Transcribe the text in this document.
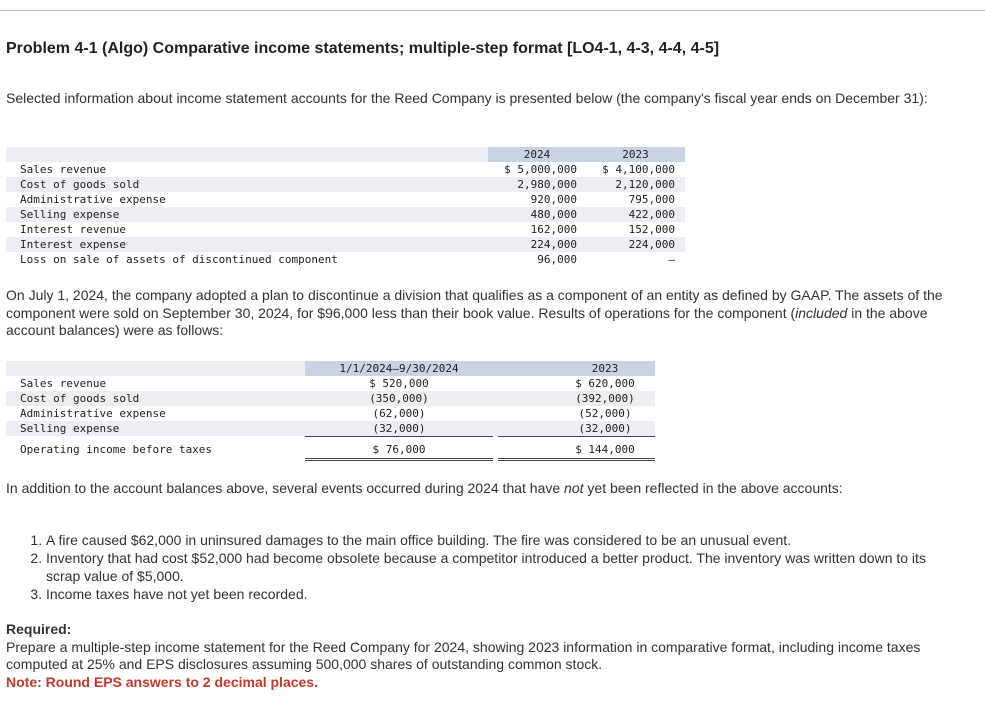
Problem 4-1 (Algo) Comparative income statements; multiple-step format [LO4-1, 4-3, 4-4, 4-5]
Selected information about income statement accounts for the Reed Company is presented below (the company's fiscal year ends on December 31):
2024	2023
Sales revenue	$ 5,000,000	$ 4,100,000
Cost of goods sold	2,980,000	2,120,000
Administrative expense	920,000	795,000
Selling expense	480,000	422,000
Interest revenue	162,000	152,000
Interest expense	224,000	224,000
Loss on sale of assets of discontinued component	96,000	–
On July 1, 2024, the company adopted a plan to discontinue a division that qualifies as a component of an entity as defined by GAAP. The assets of the component were sold on September 30, 2024, for $96,000 less than their book value. Results of operations for the component (included in the above account balances) were as follows:
1/1/2024–9/30/2024	2023
Sales revenue	$ 520,000	$ 620,000
Cost of goods sold	(350,000)	(392,000)
Administrative expense	(62,000)	(52,000)
Selling expense	(32,000)	(32,000)
Operating income before taxes	$ 76,000	$ 144,000
In addition to the account balances above, several events occurred during 2024 that have not yet been reflected in the above accounts:
1. A fire caused $62,000 in uninsured damages to the main office building. The fire was considered to be an unusual event.
2. Inventory that had cost $52,000 had become obsolete because a competitor introduced a better product. The inventory was written down to its scrap value of $5,000.
3. Income taxes have not yet been recorded.
Required:
Prepare a multiple-step income statement for the Reed Company for 2024, showing 2023 information in comparative format, including income taxes computed at 25% and EPS disclosures assuming 500,000 shares of outstanding common stock.
Note: Round EPS answers to 2 decimal places.
